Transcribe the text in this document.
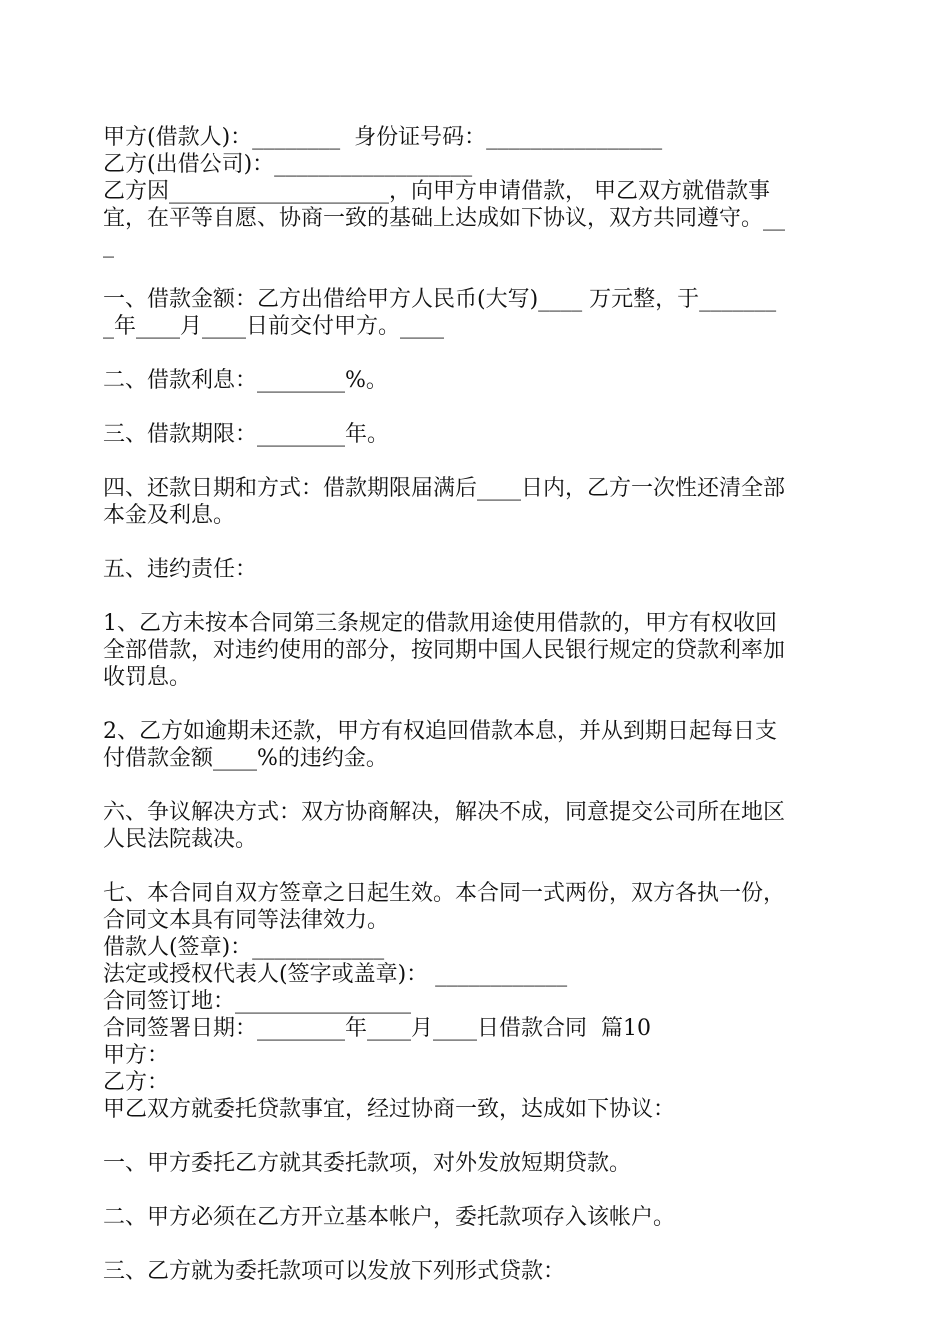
甲方(借款人)：________  身份证号码：________________
乙方(出借公司)：__________________
乙方因____________________，向甲方申请借款， 甲乙双方就借款事
宜，在平等自愿、协商一致的基础上达成如下协议，双方共同遵守。__
_
一、借款金额：乙方出借给甲方人民币(大写)____ 万元整，于_______
_年____月____日前交付甲方。____
二、借款利息：________%。
三、借款期限：________年。
四、还款日期和方式：借款期限届满后____日内，乙方一次性还清全部
本金及利息。
五、违约责任：
1、乙方未按本合同第三条规定的借款用途使用借款的，甲方有权收回
全部借款，对违约使用的部分，按同期中国人民银行规定的贷款利率加
收罚息。
2、乙方如逾期未还款，甲方有权追回借款本息，并从到期日起每日支
付借款金额____%的违约金。
六、争议解决方式：双方协商解决，解决不成，同意提交公司所在地区
人民法院裁决。
七、本合同自双方签章之日起生效。本合同一式两份，双方各执一份，
合同文本具有同等法律效力。
借款人(签章)：____________
法定或授权代表人(签字或盖章)： ____________
合同签订地：________________
合同签署日期：________年____月____日借款合同  篇10
甲方：
乙方：
甲乙双方就委托贷款事宜，经过协商一致，达成如下协议：
一、甲方委托乙方就其委托款项，对外发放短期贷款。
二、甲方必须在乙方开立基本帐户，委托款项存入该帐户。
三、乙方就为委托款项可以发放下列形式贷款：
